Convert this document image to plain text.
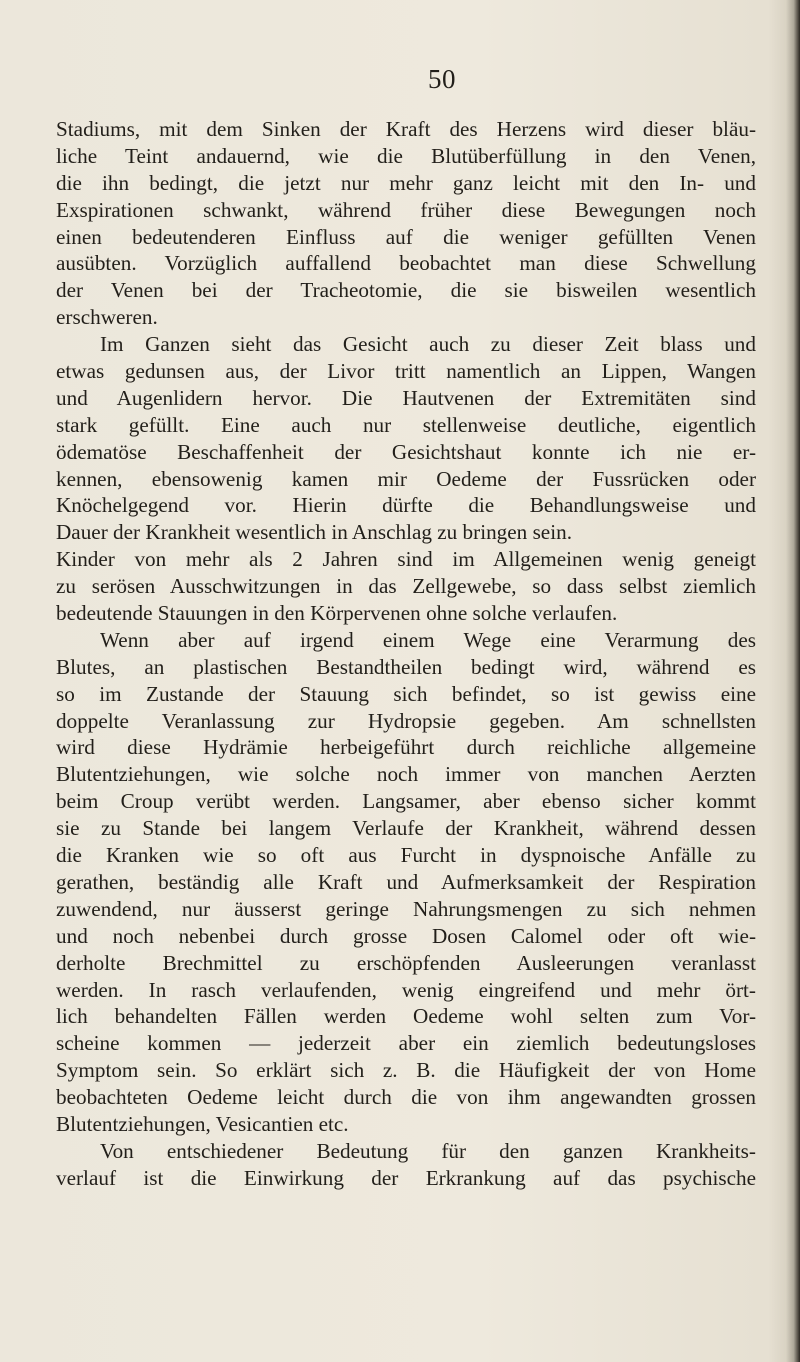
50
Stadiums, mit dem Sinken der Kraft des Herzens wird dieser bläu-
liche Teint andauernd, wie die Blutüberfüllung in den Venen,
die ihn bedingt, die jetzt nur mehr ganz leicht mit den In- und
Exspirationen schwankt, während früher diese Bewegungen noch
einen bedeutenderen Einfluss auf die weniger gefüllten Venen
ausübten. Vorzüglich auffallend beobachtet man diese Schwellung
der Venen bei der Tracheotomie, die sie bisweilen wesentlich
erschweren.
Im Ganzen sieht das Gesicht auch zu dieser Zeit blass und
etwas gedunsen aus, der Livor tritt namentlich an Lippen, Wangen
und Augenlidern hervor. Die Hautvenen der Extremitäten sind
stark gefüllt. Eine auch nur stellenweise deutliche, eigentlich
ödematöse Beschaffenheit der Gesichtshaut konnte ich nie er-
kennen, ebensowenig kamen mir Oedeme der Fussrücken oder
Knöchelgegend vor. Hierin dürfte die Behandlungsweise und
Dauer der Krankheit wesentlich in Anschlag zu bringen sein.
Kinder von mehr als 2 Jahren sind im Allgemeinen wenig geneigt
zu serösen Ausschwitzungen in das Zellgewebe, so dass selbst ziemlich
bedeutende Stauungen in den Körpervenen ohne solche verlaufen.
Wenn aber auf irgend einem Wege eine Verarmung des
Blutes, an plastischen Bestandtheilen bedingt wird, während es
so im Zustande der Stauung sich befindet, so ist gewiss eine
doppelte Veranlassung zur Hydropsie gegeben. Am schnellsten
wird diese Hydrämie herbeigeführt durch reichliche allgemeine
Blutentziehungen, wie solche noch immer von manchen Aerzten
beim Croup verübt werden. Langsamer, aber ebenso sicher kommt
sie zu Stande bei langem Verlaufe der Krankheit, während dessen
die Kranken wie so oft aus Furcht in dyspnoische Anfälle zu
gerathen, beständig alle Kraft und Aufmerksamkeit der Respiration
zuwendend, nur äusserst geringe Nahrungsmengen zu sich nehmen
und noch nebenbei durch grosse Dosen Calomel oder oft wie-
derholte Brechmittel zu erschöpfenden Ausleerungen veranlasst
werden. In rasch verlaufenden, wenig eingreifend und mehr ört-
lich behandelten Fällen werden Oedeme wohl selten zum Vor-
scheine kommen — jederzeit aber ein ziemlich bedeutungsloses
Symptom sein. So erklärt sich z. B. die Häufigkeit der von Home
beobachteten Oedeme leicht durch die von ihm angewandten grossen
Blutentziehungen, Vesicantien etc.
Von entschiedener Bedeutung für den ganzen Krankheits-
verlauf ist die Einwirkung der Erkrankung auf das psychische
